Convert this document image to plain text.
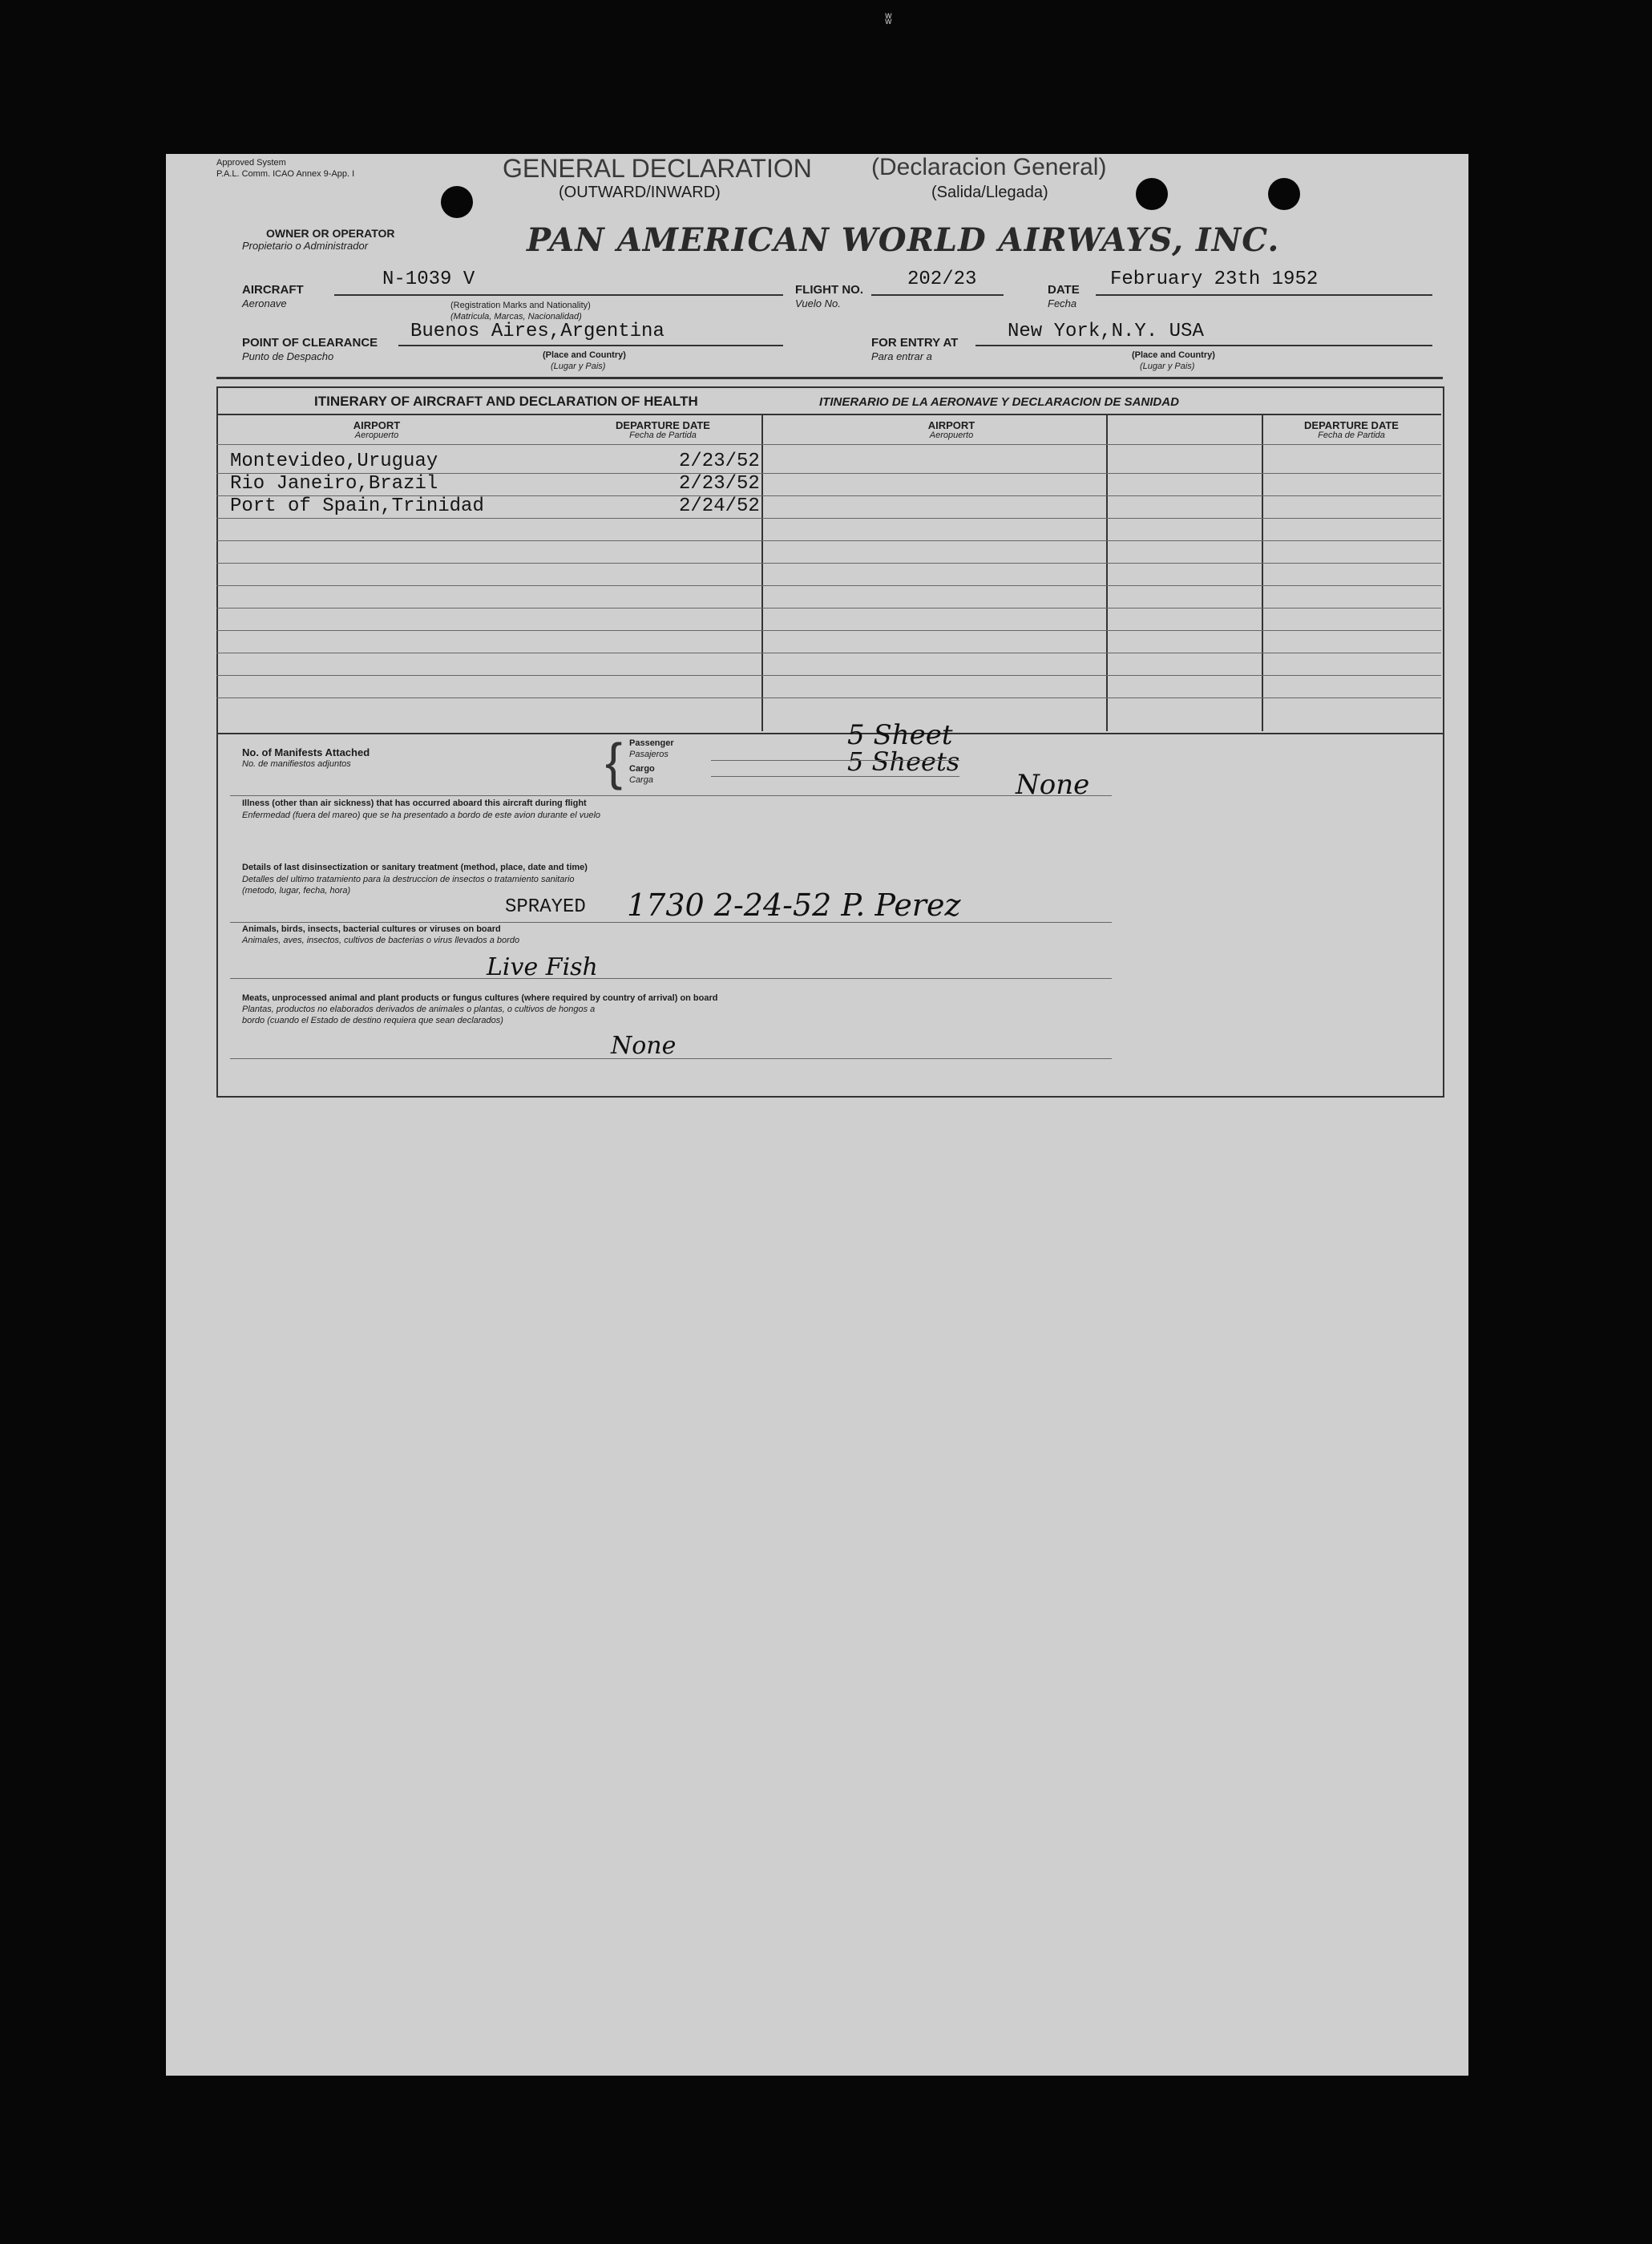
ʬ
Approved System
P.A.L. Comm. ICAO Annex 9-App. I	GENERAL DECLARATION (Declaracion General)
(OUTWARD/INWARD)	(Salida/Llegada)
OWNER OR OPERATOR
Propietario o Administrador	PAN AMERICAN WORLD AIRWAYS, INC.
AIRCRAFT
Aeronave
N-1039 V
(Registration Marks and Nationality)
(Matricula, Marcas, Nacionalidad)
FLIGHT NO.
Vuelo No.
202/23	DATE
Fecha
February 23th 1952
POINT OF CLEARANCE
Punto de Despacho
Buenos Aires,Argentina
(Place and Country)
(Lugar y Pais)
FOR ENTRY AT
Para entrar a
New York,N.Y. USA
(Place and Country)
(Lugar y Pais)
ITINERARY OF AIRCRAFT AND DECLARATION OF HEALTH	ITINERARIO DE LA AERONAVE Y DECLARACION DE SANIDAD
AIRPORT
Aeropuerto
DEPARTURE DATE
Fecha de Partida
AIRPORT
Aeropuerto
DEPARTURE DATE
Fecha de Partida
Montevideo,Uruguay	2/23/52
Rio Janeiro,Brazil	2/23/52
Port of Spain,Trinidad	2/24/52
No. of Manifests Attached
No. de manifiestos adjuntos	{ Passenger
Pasajeros
Cargo
Carga
5 Sheet
5 Sheets
None
Illness (other than air sickness) that has occurred aboard this aircraft during flight
Enfermedad (fuera del mareo) que se ha presentado a bordo de este avion durante el vuelo
Details of last disinsectization or sanitary treatment (method, place, date and time)
Detalles del ultimo tratamiento para la destruccion de insectos o tratamiento sanitario
(metodo, lugar, fecha, hora)
SPRAYED 1730 2-24-52 P. Perez
Animals, birds, insects, bacterial cultures or viruses on board
Animales, aves, insectos, cultivos de bacterias o virus llevados a bordo
Live Fish
Meats, unprocessed animal and plant products or fungus cultures (where required by country of arrival) on board
Plantas, productos no elaborados derivados de animales o plantas, o cultivos de hongos a
bordo (cuando el Estado de destino requiera que sean declarados)
None
